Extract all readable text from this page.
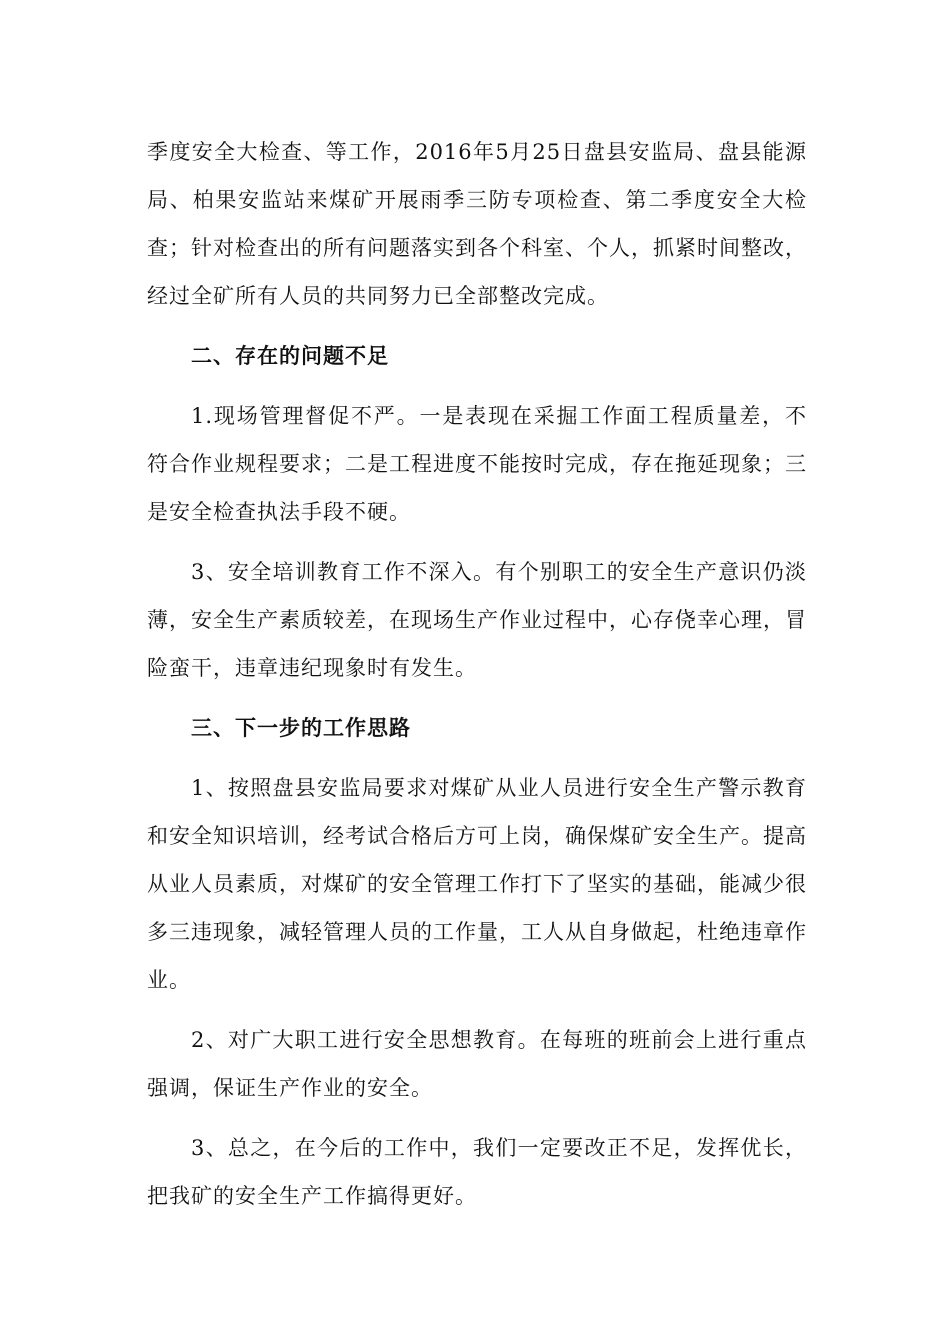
季度安全大检查、等工作，2016年5月25日盘县安监局、盘县能源局、柏果安监站来煤矿开展雨季三防专项检查、第二季度安全大检查；针对检查出的所有问题落实到各个科室、个人，抓紧时间整改，经过全矿所有人员的共同努力已全部整改完成。

二、存在的问题不足

1.现场管理督促不严。一是表现在采掘工作面工程质量差，不符合作业规程要求；二是工程进度不能按时完成，存在拖延现象；三是安全检查执法手段不硬。

3、安全培训教育工作不深入。有个别职工的安全生产意识仍淡薄，安全生产素质较差，在现场生产作业过程中，心存侥幸心理，冒险蛮干，违章违纪现象时有发生。

三、下一步的工作思路

1、按照盘县安监局要求对煤矿从业人员进行安全生产警示教育和安全知识培训，经考试合格后方可上岗，确保煤矿安全生产。提高从业人员素质，对煤矿的安全管理工作打下了坚实的基础，能减少很多三违现象，减轻管理人员的工作量，工人从自身做起，杜绝违章作业。

2、对广大职工进行安全思想教育。在每班的班前会上进行重点强调，保证生产作业的安全。

3、总之，在今后的工作中，我们一定要改正不足，发挥优长，把我矿的安全生产工作搞得更好。
